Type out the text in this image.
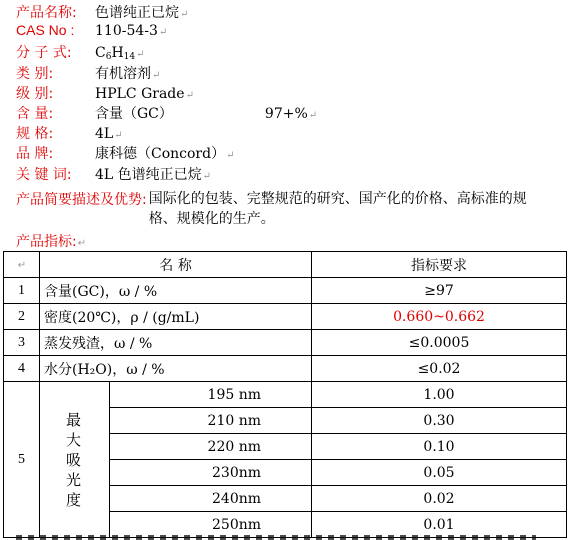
产品名称:	色谱纯正已烷 ↵
CAS No :	110-54-3 ↵
分 子 式:	$C_6H_{14}$ ↵
类 别:	有机溶剂 ↵
级 别:	HPLC Grade ↵
含 量:	含量（GC）	97+% ↵
规 格:	4L ↵
品 牌:	康科德（Concord） ↵
关 键 词:	4L 色谱纯正已烷 ↵
产品简要描述及优势: 国际化的包装、完整规范的研究、国产化的价格、高标准的规格、规模化的生产。
产品指标:↵
↵	名 称		指标要求
1	含量(GC)，ω / %		≥97
2	密度(20℃)，ρ / (g/mL)		0.660~0.662
3	蒸发残渣，ω / %		≤0.0005
4	水分(H₂O)，ω / %		≤0.02
5	最
大
吸
光
度	195 nm	1.00
		210 nm	0.30
		220 nm	0.10
		230nm	0.05
		240nm	0.02
		250nm	0.01
